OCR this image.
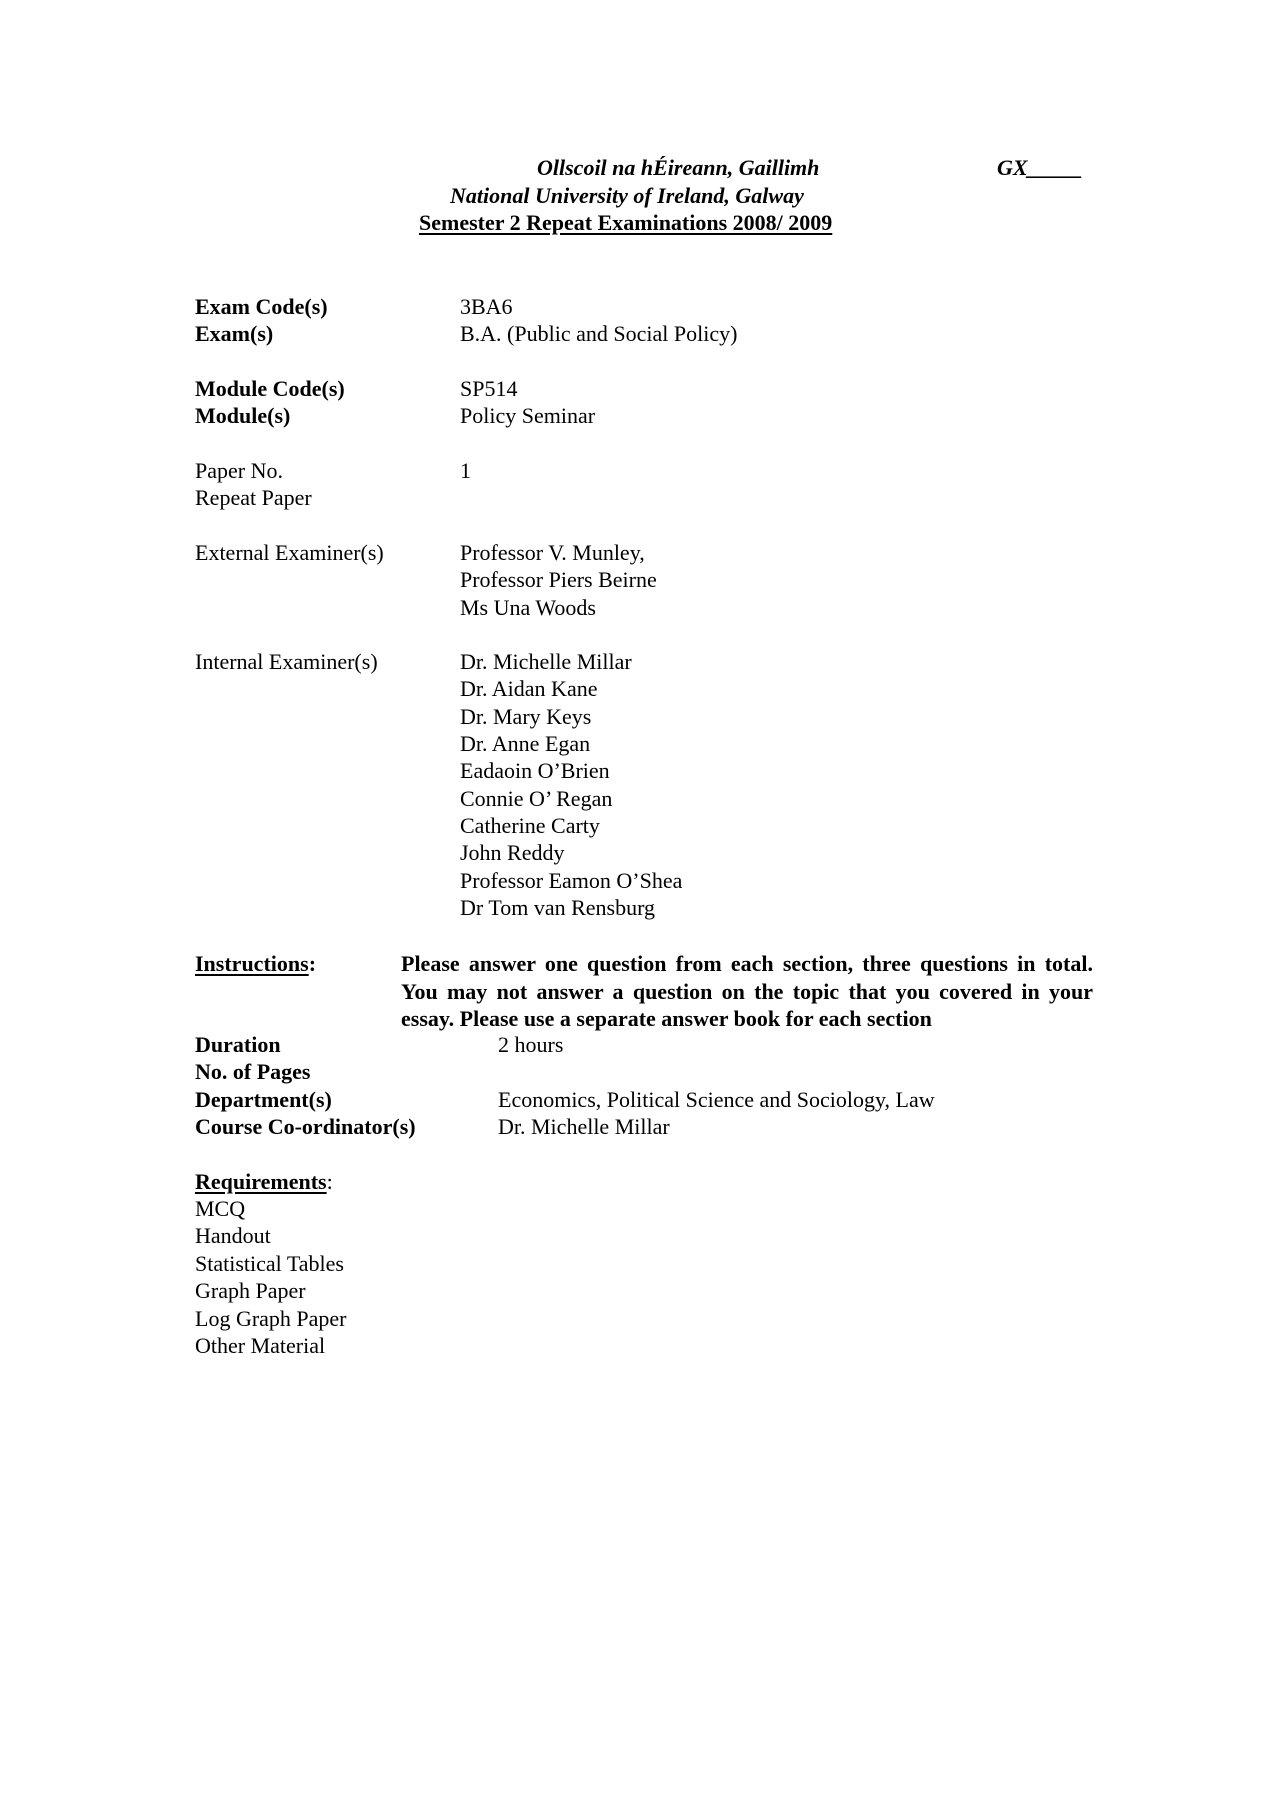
Ollscoil na hÉireann, Gaillimh	GX_____
National University of Ireland, Galway
Semester 2 Repeat Examinations 2008/ 2009
Exam Code(s)	3BA6
Exam(s)	B.A. (Public and Social Policy)
Module Code(s)	SP514
Module(s)	Policy Seminar
Paper No.	1
Repeat Paper
External Examiner(s)	Professor V. Munley,
Professor Piers Beirne
Ms Una Woods
Internal Examiner(s)	Dr. Michelle Millar
Dr. Aidan Kane
Dr. Mary Keys
Dr. Anne Egan
Eadaoin O’Brien
Connie O’ Regan
Catherine Carty
John Reddy
Professor Eamon O’Shea
Dr Tom van Rensburg
Instructions:	Please answer one question from each section, three questions in total. You may not answer a question on the topic that you covered in your essay. Please use a separate answer book for each section
Duration	2 hours
No. of Pages
Department(s)	Economics, Political Science and Sociology, Law
Course Co-ordinator(s)	Dr. Michelle Millar
Requirements:
MCQ
Handout
Statistical Tables
Graph Paper
Log Graph Paper
Other Material
